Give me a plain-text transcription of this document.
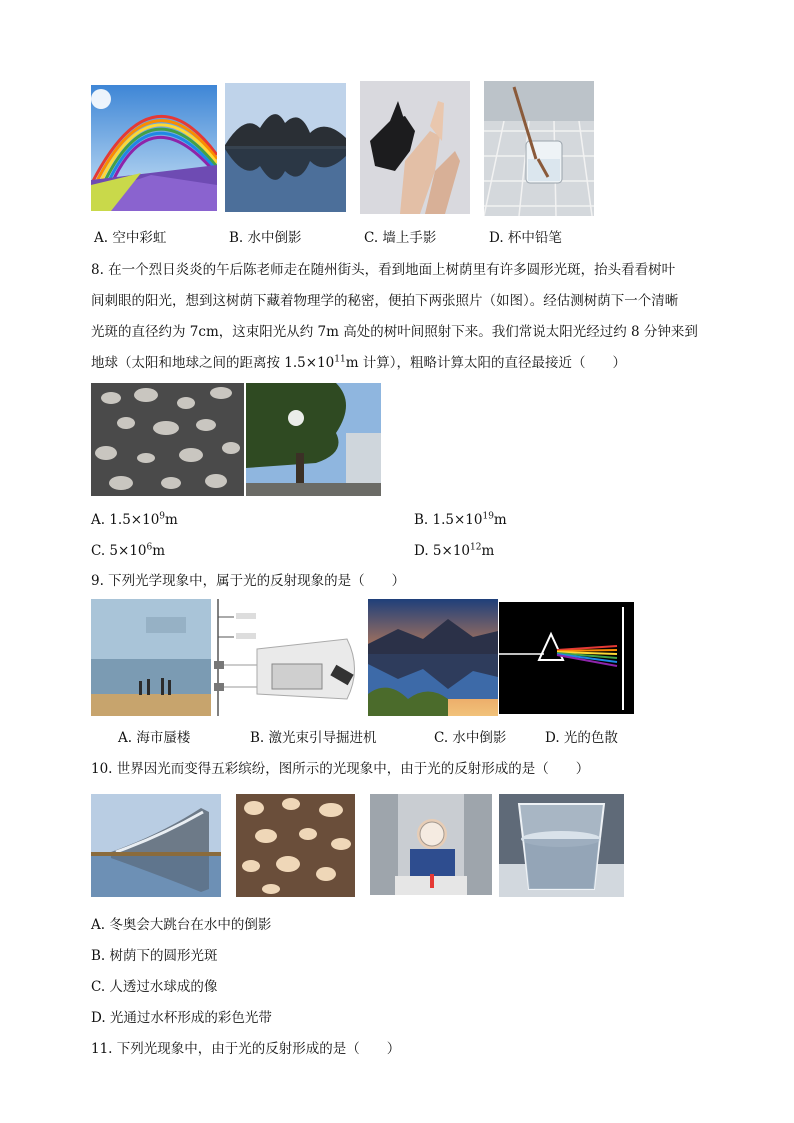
A. 空中彩虹	B. 水中倒影	C. 墙上手影	D. 杯中铅笔
8. 在一个烈日炎炎的午后陈老师走在随州街头，看到地面上树荫里有许多圆形光斑，抬头看看树叶
间刺眼的阳光，想到这树荫下藏着物理学的秘密，便拍下两张照片（如图）。经估测树荫下一个清晰
光斑的直径约为 7cm，这束阳光从约 7m 高处的树叶间照射下来。我们常说太阳光经过约 8 分钟来到
地球（太阳和地球之间的距离按 $1.5\times 10^{11}m$ 计算），粗略计算太阳的直径最接近（　　）
A. $1.5\times 10^9m$	B. $1.5\times 10^{19}m$
C. $5\times 10^6m$	D. $5\times 10^{12}m$
9. 下列光学现象中，属于光的反射现象的是（　　）
A. 海市蜃楼	B. 激光束引导掘进机	C. 水中倒影	D. 光的色散
10. 世界因光而变得五彩缤纷，图所示的光现象中，由于光的反射形成的是（　　）
A. 冬奥会大跳台在水中的倒影
B. 树荫下的圆形光斑
C. 人透过水球成的像
D. 光通过水杯形成的彩色光带
11. 下列光现象中，由于光的反射形成的是（　　）
